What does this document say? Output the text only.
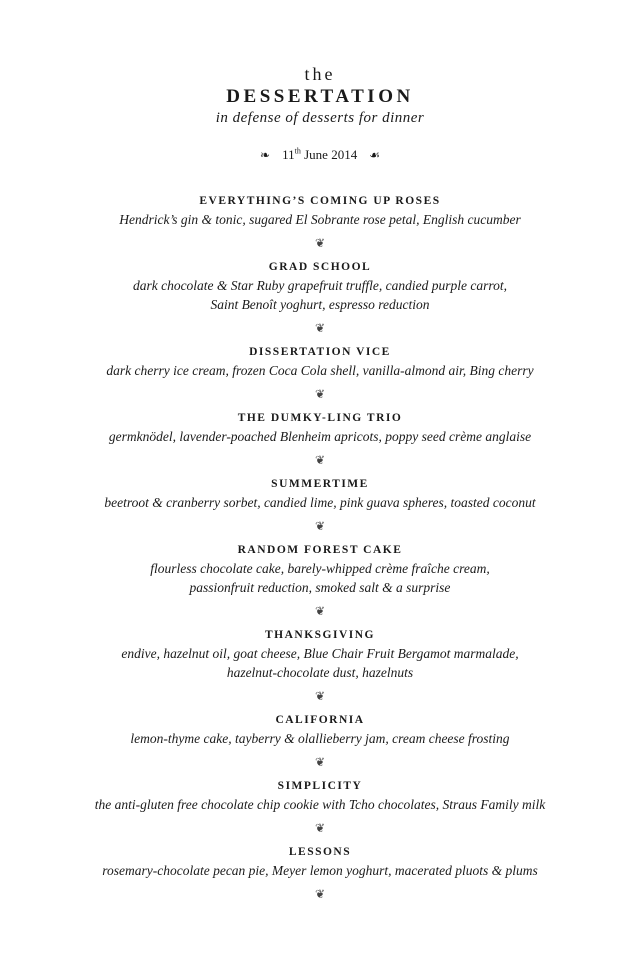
the
DESSERTATION
in defense of desserts for dinner
❧ 11th June 2014 ☙
EVERYTHING’S COMING UP ROSES
Hendrick’s gin & tonic, sugared El Sobrante rose petal, English cucumber
❦
GRAD SCHOOL
dark chocolate & Star Ruby grapefruit truffle, candied purple carrot,
Saint Benoît yoghurt, espresso reduction
❦
DISSERTATION VICE
dark cherry ice cream, frozen Coca Cola shell, vanilla-almond air, Bing cherry
❦
THE DUMKY-LING TRIO
germknödel, lavender-poached Blenheim apricots, poppy seed crème anglaise
❦
SUMMERTIME
beetroot & cranberry sorbet, candied lime, pink guava spheres, toasted coconut
❦
RANDOM FOREST CAKE
flourless chocolate cake, barely-whipped crème fraîche cream,
passionfruit reduction, smoked salt & a surprise
❦
THANKSGIVING
endive, hazelnut oil, goat cheese, Blue Chair Fruit Bergamot marmalade,
hazelnut-chocolate dust, hazelnuts
❦
CALIFORNIA
lemon-thyme cake, tayberry & olallieberry jam, cream cheese frosting
❦
SIMPLICITY
the anti-gluten free chocolate chip cookie with Tcho chocolates, Straus Family milk
❦
LESSONS
rosemary-chocolate pecan pie, Meyer lemon yoghurt, macerated pluots & plums
❦
